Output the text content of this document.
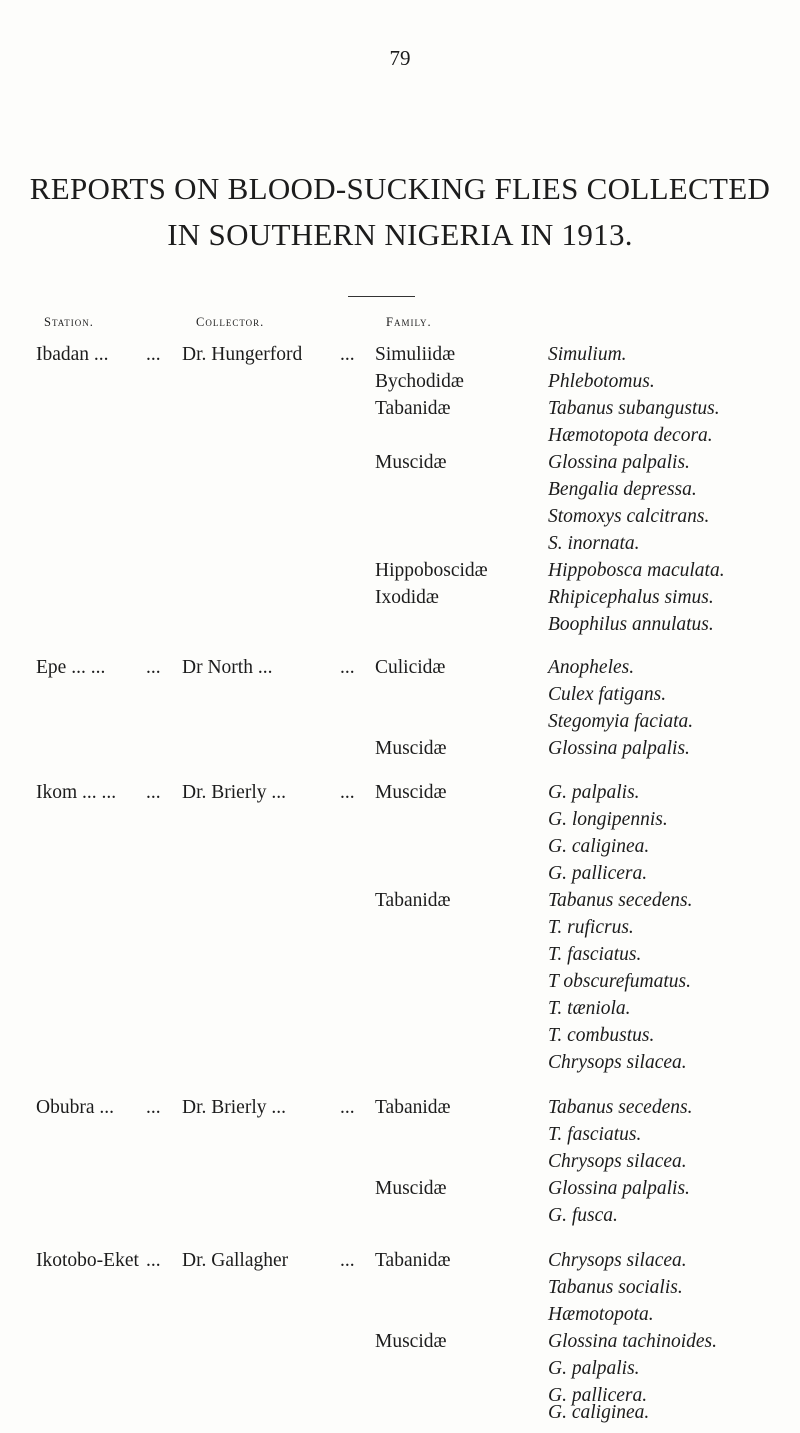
79
REPORTS ON BLOOD-SUCKING FLIES COLLECTED
IN SOUTHERN NIGERIA IN 1913.
Station.	Collector.	Family.
Ibadan ... ... Dr. Hungerford ... Simuliidæ	Simulium.
Bychodidæ	Phlebotomus.
Tabanidæ	Tabanus subangustus.
Hæmotopota decora.
Muscidæ	Glossina palpalis.
Bengalia depressa.
Stomoxys calcitrans.
S. inornata.
Hippoboscidæ	Hippobosca maculata.
Ixodidæ	Rhipicephalus simus.
Boophilus annulatus.
Epe ... ... ... Dr North ...	... Culicidæ	Anopheles.
Culex fatigans.
Stegomyia faciata.
Muscidæ	Glossina palpalis.
Ikom ... ... ... Dr. Brierly ...	... Muscidæ	G. palpalis.
G. longipennis.
G. caliginea.
G. pallicera.
Tabanidæ	Tabanus secedens.
T. ruficrus.
T. fasciatus.
T obscurefumatus.
T. tæniola.
T. combustus.
Chrysops silacea.
Obubra ... ... Dr. Brierly ...	... Tabanidæ	Tabanus secedens.
T. fasciatus.
Chrysops silacea.
Muscidæ	Glossina palpalis.
G. fusca.
Ikotobo-Eket ... Dr. Gallagher	... Tabanidæ	Chrysops silacea.
Tabanus socialis.
Hæmotopota.
Muscidæ	Glossina tachinoides.
G. palpalis.
G. pallicera.
G. caliginea.
